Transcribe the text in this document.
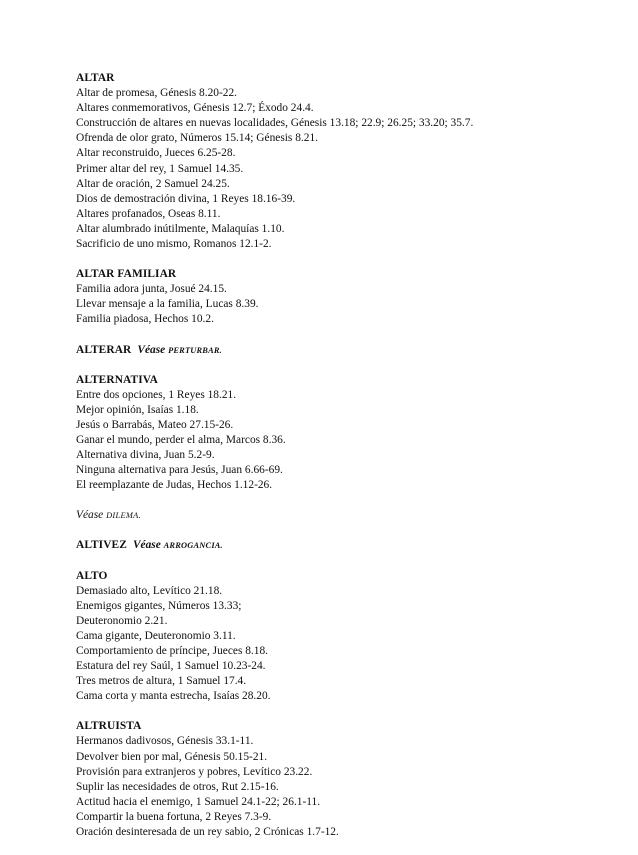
ALTAR
Altar de promesa, Génesis 8.20-22.
Altares conmemorativos, Génesis 12.7; Éxodo 24.4.
Construcción de altares en nuevas localidades, Génesis 13.18; 22.9; 26.25; 33.20; 35.7.
Ofrenda de olor grato, Números 15.14; Génesis 8.21.
Altar reconstruido, Jueces 6.25-28.
Primer altar del rey, 1 Samuel 14.35.
Altar de oración, 2 Samuel 24.25.
Dios de demostración divina, 1 Reyes 18.16-39.
Altares profanados, Oseas 8.11.
Altar alumbrado inútilmente, Malaquías 1.10.
Sacrificio de uno mismo, Romanos 12.1-2.
ALTAR FAMILIAR
Familia adora junta, Josué 24.15.
Llevar mensaje a la familia, Lucas 8.39.
Familia piadosa, Hechos 10.2.
ALTERAR Véase PERTURBAR.
ALTERNATIVA
Entre dos opciones, 1 Reyes 18.21.
Mejor opinión, Isaías 1.18.
Jesús o Barrabás, Mateo 27.15-26.
Ganar el mundo, perder el alma, Marcos 8.36.
Alternativa divina, Juan 5.2-9.
Ninguna alternativa para Jesús, Juan 6.66-69.
El reemplazante de Judas, Hechos 1.12-26.
Véase DILEMA.
ALTIVEZ Véase ARROGANCIA.
ALTO
Demasiado alto, Levítico 21.18.
Enemigos gigantes, Números 13.33;
Deuteronomio 2.21.
Cama gigante, Deuteronomio 3.11.
Comportamiento de príncipe, Jueces 8.18.
Estatura del rey Saúl, 1 Samuel 10.23-24.
Tres metros de altura, 1 Samuel 17.4.
Cama corta y manta estrecha, Isaías 28.20.
ALTRUISTA
Hermanos dadivosos, Génesis 33.1-11.
Devolver bien por mal, Génesis 50.15-21.
Provisión para extranjeros y pobres, Levítico 23.22.
Suplir las necesidades de otros, Rut 2.15-16.
Actitud hacia el enemigo, 1 Samuel 24.1-22; 26.1-11.
Compartir la buena fortuna, 2 Reyes 7.3-9.
Oración desinteresada de un rey sabio, 2 Crónicas 1.7-12.
